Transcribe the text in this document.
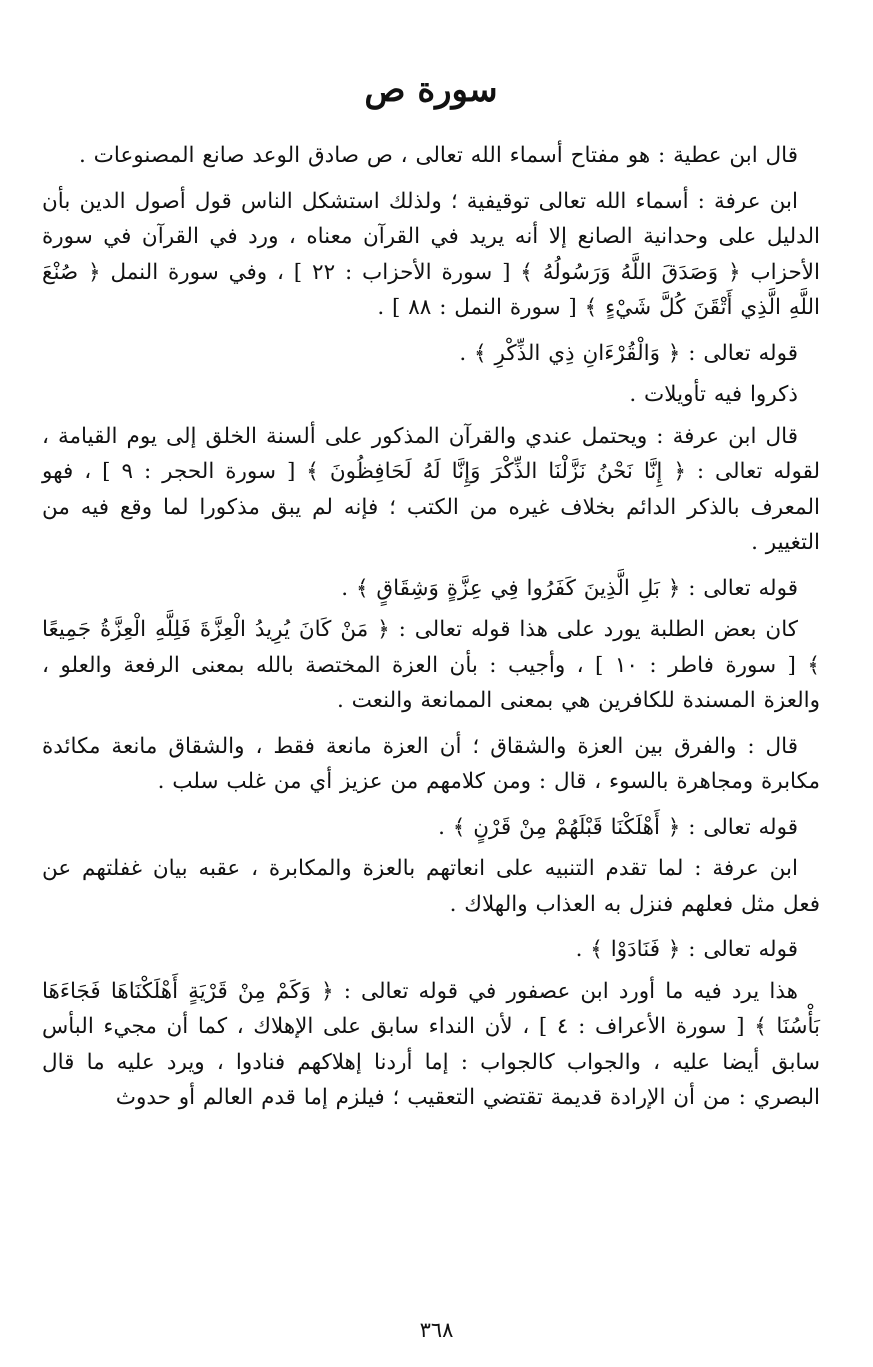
سورة ص

قال ابن عطية : هو مفتاح أسماء الله تعالى ، ص صادق الوعد صانع المصنوعات .

ابن عرفة : أسماء الله تعالى توقيفية ؛ ولذلك استشكل الناس قول أصول الدين بأن الدليل على وحدانية الصانع إلا أنه يريد في القرآن معناه ، ورد في القرآن في سورة الأحزاب ﴿ وَصَدَقَ اللَّهُ وَرَسُولُهُ ﴾ [ سورة الأحزاب : ٢٢ ] ، وفي سورة النمل ﴿ صُنْعَ اللَّهِ الَّذِي أَتْقَنَ كُلَّ شَيْءٍ ﴾ [ سورة النمل : ٨٨ ] .

قوله تعالى : ﴿ وَالْقُرْءَانِ ذِي الذِّكْرِ ﴾ .

ذكروا فيه تأويلات .

قال ابن عرفة : ويحتمل عندي والقرآن المذكور على ألسنة الخلق إلى يوم القيامة ، لقوله تعالى : ﴿ إِنَّا نَحْنُ نَزَّلْنَا الذِّكْرَ وَإِنَّا لَهُ لَحَافِظُونَ ﴾ [ سورة الحجر : ٩ ] ، فهو المعرف بالذكر الدائم بخلاف غيره من الكتب ؛ فإنه لم يبق مذكورا لما وقع فيه من التغيير .

قوله تعالى : ﴿ بَلِ الَّذِينَ كَفَرُوا فِي عِزَّةٍ وَشِقَاقٍ ﴾ .

كان بعض الطلبة يورد على هذا قوله تعالى : ﴿ مَنْ كَانَ يُرِيدُ الْعِزَّةَ فَلِلَّهِ الْعِزَّةُ جَمِيعًا ﴾ [ سورة فاطر : ١٠ ] ، وأجيب : بأن العزة المختصة بالله بمعنى الرفعة والعلو ، والعزة المسندة للكافرين هي بمعنى الممانعة والنعت .

قال : والفرق بين العزة والشقاق ؛ أن العزة مانعة فقط ، والشقاق مانعة مكائدة مكابرة ومجاهرة بالسوء ، قال : ومن كلامهم من عزيز أي من غلب سلب .

قوله تعالى : ﴿ أَهْلَكْنَا قَبْلَهُمْ مِنْ قَرْنٍ ﴾ .

ابن عرفة : لما تقدم التنبيه على انعاتهم بالعزة والمكابرة ، عقبه بيان غفلتهم عن فعل مثل فعلهم فنزل به العذاب والهلاك .

قوله تعالى : ﴿ فَنَادَوْا ﴾ .

هذا يرد فيه ما أورد ابن عصفور في قوله تعالى : ﴿ وَكَمْ مِنْ قَرْيَةٍ أَهْلَكْنَاهَا فَجَاءَهَا بَأْسُنَا ﴾ [ سورة الأعراف : ٤ ] ، لأن النداء سابق على الإهلاك ، كما أن مجيء البأس سابق أيضا عليه ، والجواب كالجواب : إما أردنا إهلاكهم فنادوا ، ويرد عليه ما قال البصري : من أن الإرادة قديمة تقتضي التعقيب ؛ فيلزم إما قدم العالم أو حدوث

٣٦٨
